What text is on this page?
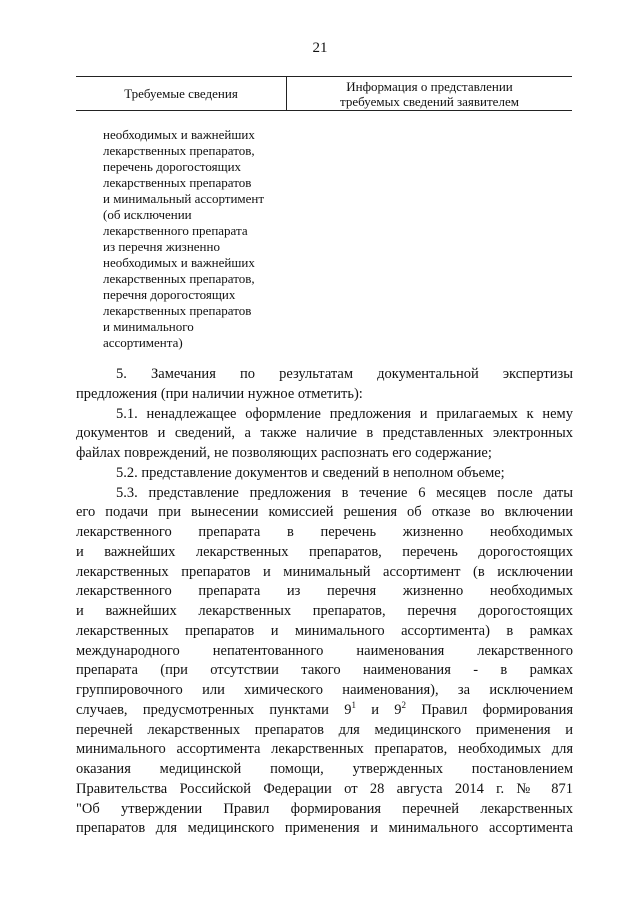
21
Требуемые сведения	Информация о представлении
требуемых сведений заявителем
необходимых и важнейших
лекарственных препаратов,
перечень дорогостоящих
лекарственных препаратов
и минимальный ассортимент
(об исключении
лекарственного препарата
из перечня жизненно
необходимых и важнейших
лекарственных препаратов,
перечня дорогостоящих
лекарственных препаратов
и минимального
ассортимента)
5. Замечания по результатам документальной экспертизы
предложения (при наличии нужное отметить):
5.1. ненадлежащее оформление предложения и прилагаемых к нему
документов и сведений, а также наличие в представленных электронных
файлах повреждений, не позволяющих распознать его содержание;
5.2. представление документов и сведений в неполном объеме;
5.3. представление предложения в течение 6 месяцев после даты
его подачи при вынесении комиссией решения об отказе во включении
лекарственного препарата в перечень жизненно необходимых
и важнейших лекарственных препаратов, перечень дорогостоящих
лекарственных препаратов и минимальный ассортимент (в исключении
лекарственного препарата из перечня жизненно необходимых
и важнейших лекарственных препаратов, перечня дорогостоящих
лекарственных препаратов и минимального ассортимента) в рамках
международного непатентованного наименования лекарственного
препарата (при отсутствии такого наименования - в рамках
группировочного или химического наименования), за исключением
случаев, предусмотренных пунктами $9^1$ и $9^2$ Правил формирования
перечней лекарственных препаратов для медицинского применения и
минимального ассортимента лекарственных препаратов, необходимых для
оказания медицинской помощи, утвержденных постановлением
Правительства Российской Федерации от 28 августа 2014 г. № 871
"Об утверждении Правил формирования перечней лекарственных
препаратов для медицинского применения и минимального ассортимента
